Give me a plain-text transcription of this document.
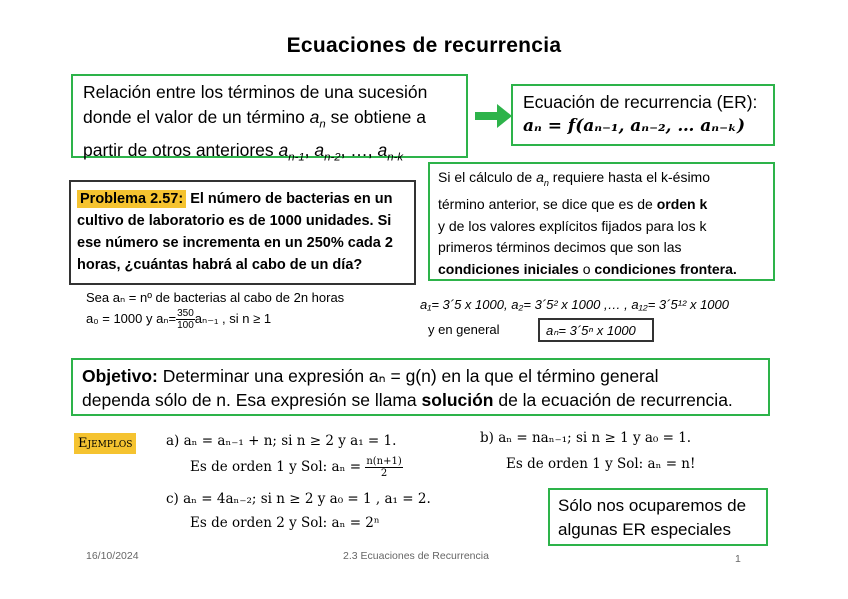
Ecuaciones de recurrencia
Relación entre los términos de una sucesión
donde el valor de un término $a_n$ se obtiene a
partir de otros anteriores $a_{n-1}$, $a_{n-2}$, …, $a_{n-k}$
Ecuación de recurrencia (ER):
𝒂ₙ = 𝒇(𝒂ₙ₋₁, 𝒂ₙ₋₂, … 𝒂ₙ₋ₖ)
Si el cálculo de $a_n$ requiere hasta el k-ésimo
término anterior, se dice que es de orden k
y de los valores explícitos fijados para los k
primeros términos decimos que son las
condiciones iniciales o condiciones frontera.
Problema 2.57: El número de bacterias en un
cultivo de laboratorio es de 1000 unidades. Si
ese número se incrementa en un 250% cada 2
horas, ¿cuántas habrá al cabo de un día?
Sea aₙ = nº de bacterias al cabo de 2n horas
a₀ = 1000 y $a_n= \frac{350}{100} a_{n-1}$ , si n ≥ 1
a₁= 3´5 x 1000, a₂= 3´5² x 1000 ,… , a₁₂= 3´5¹² x 1000
y en general	aₙ= 3´5ⁿ x 1000
Objetivo: Determinar una expresión aₙ = g(n) en la que el término general
dependa sólo de n. Esa expresión se llama solución de la ecuación de recurrencia.
Ejemplos a) aₙ = aₙ₋₁ + n; si n ≥ 2 y a₁ = 1.
Es de orden 1 y Sol: $a_n = \frac{n(n+1)}{2}$
b) aₙ = naₙ₋₁; si n ≥ 1 y a₀ = 1.
Es de orden 1 y Sol: aₙ = n!
c) aₙ = 4aₙ₋₂; si n ≥ 2 y a₀ = 1 , a₁ = 2.
Es de orden 2 y Sol: aₙ = 2ⁿ
Sólo nos ocuparemos de
algunas ER especiales
16/10/2024	2.3 Ecuaciones de Recurrencia	1
